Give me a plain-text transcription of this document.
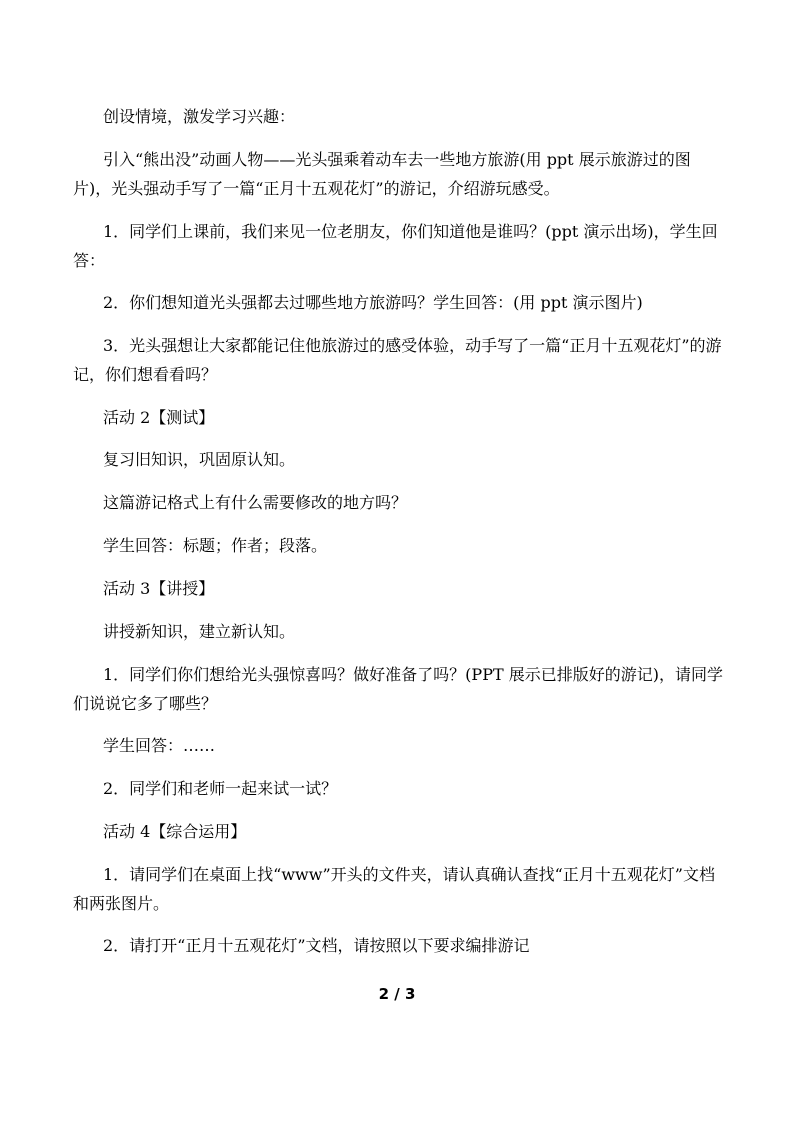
创设情境，激发学习兴趣：

引入“熊出没”动画人物——光头强乘着动车去一些地方旅游(用 ppt 展示旅游过的图片)，光头强动手写了一篇“正月十五观花灯”的游记，介绍游玩感受。

1．同学们上课前，我们来见一位老朋友，你们知道他是谁吗？(ppt 演示出场)，学生回答：

2．你们想知道光头强都去过哪些地方旅游吗？学生回答：(用 ppt 演示图片)

3．光头强想让大家都能记住他旅游过的感受体验，动手写了一篇“正月十五观花灯”的游记，你们想看看吗？

活动 2【测试】

复习旧知识，巩固原认知。

这篇游记格式上有什么需要修改的地方吗？

学生回答：标题；作者；段落。

活动 3【讲授】

讲授新知识，建立新认知。

1．同学们你们想给光头强惊喜吗？做好准备了吗？(PPT 展示已排版好的游记)，请同学们说说它多了哪些？

学生回答：……

2．同学们和老师一起来试一试？

活动 4【综合运用】

1．请同学们在桌面上找“www”开头的文件夹，请认真确认查找“正月十五观花灯”文档和两张图片。

2．请打开“正月十五观花灯”文档，请按照以下要求编排游记

2 / 3
